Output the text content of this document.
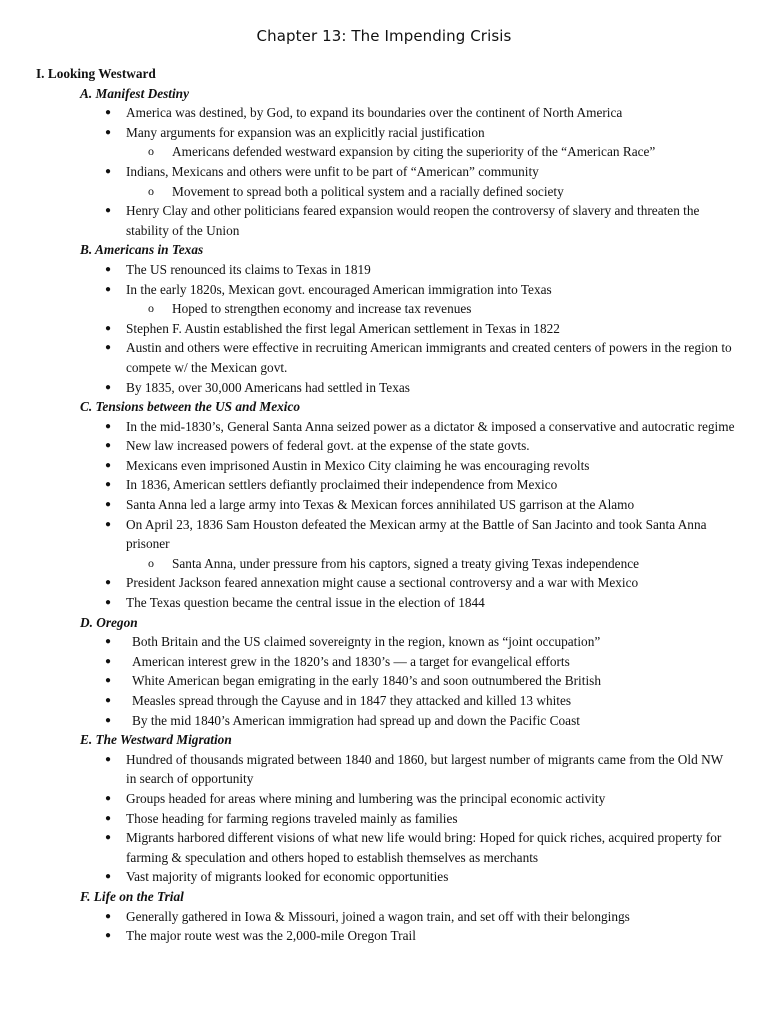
Chapter 13: The Impending Crisis

I. Looking Westward

A. Manifest Destiny

● America was destined, by God, to expand its boundaries over the continent of North America
● Many arguments for expansion was an explicitly racial justification
o Americans defended westward expansion by citing the superiority of the “American Race”
● Indians, Mexicans and others were unfit to be part of “American” community
o Movement to spread both a political system and a racially defined society
● Henry Clay and other politicians feared expansion would reopen the controversy of slavery and threaten the stability of the Union

B. Americans in Texas

● The US renounced its claims to Texas in 1819
● In the early 1820s, Mexican govt. encouraged American immigration into Texas
o Hoped to strengthen economy and increase tax revenues
● Stephen F. Austin established the first legal American settlement in Texas in 1822
● Austin and others were effective in recruiting American immigrants and created centers of powers in the region to compete w/ the Mexican govt.
● By 1835, over 30,000 Americans had settled in Texas

C. Tensions between the US and Mexico

● In the mid-1830’s, General Santa Anna seized power as a dictator & imposed a conservative and autocratic regime
● New law increased powers of federal govt. at the expense of the state govts.
● Mexicans even imprisoned Austin in Mexico City claiming he was encouraging revolts
● In 1836, American settlers defiantly proclaimed their independence from Mexico
● Santa Anna led a large army into Texas & Mexican forces annihilated US garrison at the Alamo
● On April 23, 1836 Sam Houston defeated the Mexican army at the Battle of San Jacinto and took Santa Anna prisoner
o Santa Anna, under pressure from his captors, signed a treaty giving Texas independence
● President Jackson feared annexation might cause a sectional controversy and a war with Mexico
● The Texas question became the central issue in the election of 1844

D. Oregon

● Both Britain and the US claimed sovereignty in the region, known as “joint occupation”
● American interest grew in the 1820’s and 1830’s — a target for evangelical efforts
● White American began emigrating in the early 1840’s and soon outnumbered the British
● Measles spread through the Cayuse and in 1847 they attacked and killed 13 whites
● By the mid 1840’s American immigration had spread up and down the Pacific Coast

E. The Westward Migration

● Hundred of thousands migrated between 1840 and 1860, but largest number of migrants came from the Old NW in search of opportunity
● Groups headed for areas where mining and lumbering was the principal economic activity
● Those heading for farming regions traveled mainly as families
● Migrants harbored different visions of what new life would bring: Hoped for quick riches, acquired property for farming & speculation and others hoped to establish themselves as merchants
● Vast majority of migrants looked for economic opportunities

F. Life on the Trial

● Generally gathered in Iowa & Missouri, joined a wagon train, and set off with their belongings
● The major route west was the 2,000-mile Oregon Trail
